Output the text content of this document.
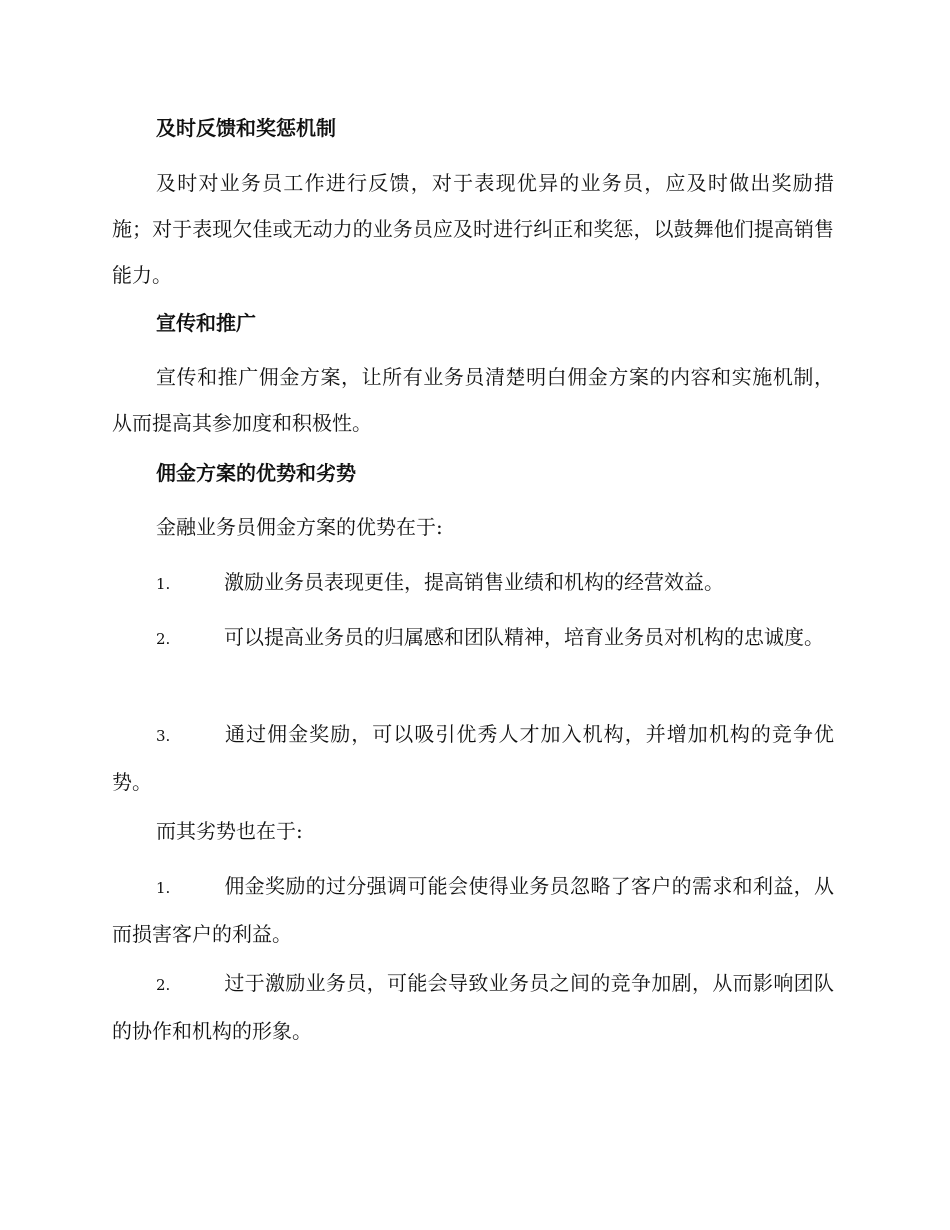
及时反馈和奖惩机制

及时对业务员工作进行反馈，对于表现优异的业务员，应及时做出奖励措施；对于表现欠佳或无动力的业务员应及时进行纠正和奖惩，以鼓舞他们提高销售能力。

宣传和推广

宣传和推广佣金方案，让所有业务员清楚明白佣金方案的内容和实施机制，从而提高其参加度和积极性。

佣金方案的优势和劣势

金融业务员佣金方案的优势在于:

1.	激励业务员表现更佳，提高销售业绩和机构的经营效益。

2.	可以提高业务员的归属感和团队精神，培育业务员对机构的忠诚度。

3.	通过佣金奖励，可以吸引优秀人才加入机构，并增加机构的竞争优势。

而其劣势也在于:

1.	佣金奖励的过分强调可能会使得业务员忽略了客户的需求和利益，从而损害客户的利益。

2.	过于激励业务员，可能会导致业务员之间的竞争加剧，从而影响团队的协作和机构的形象。
